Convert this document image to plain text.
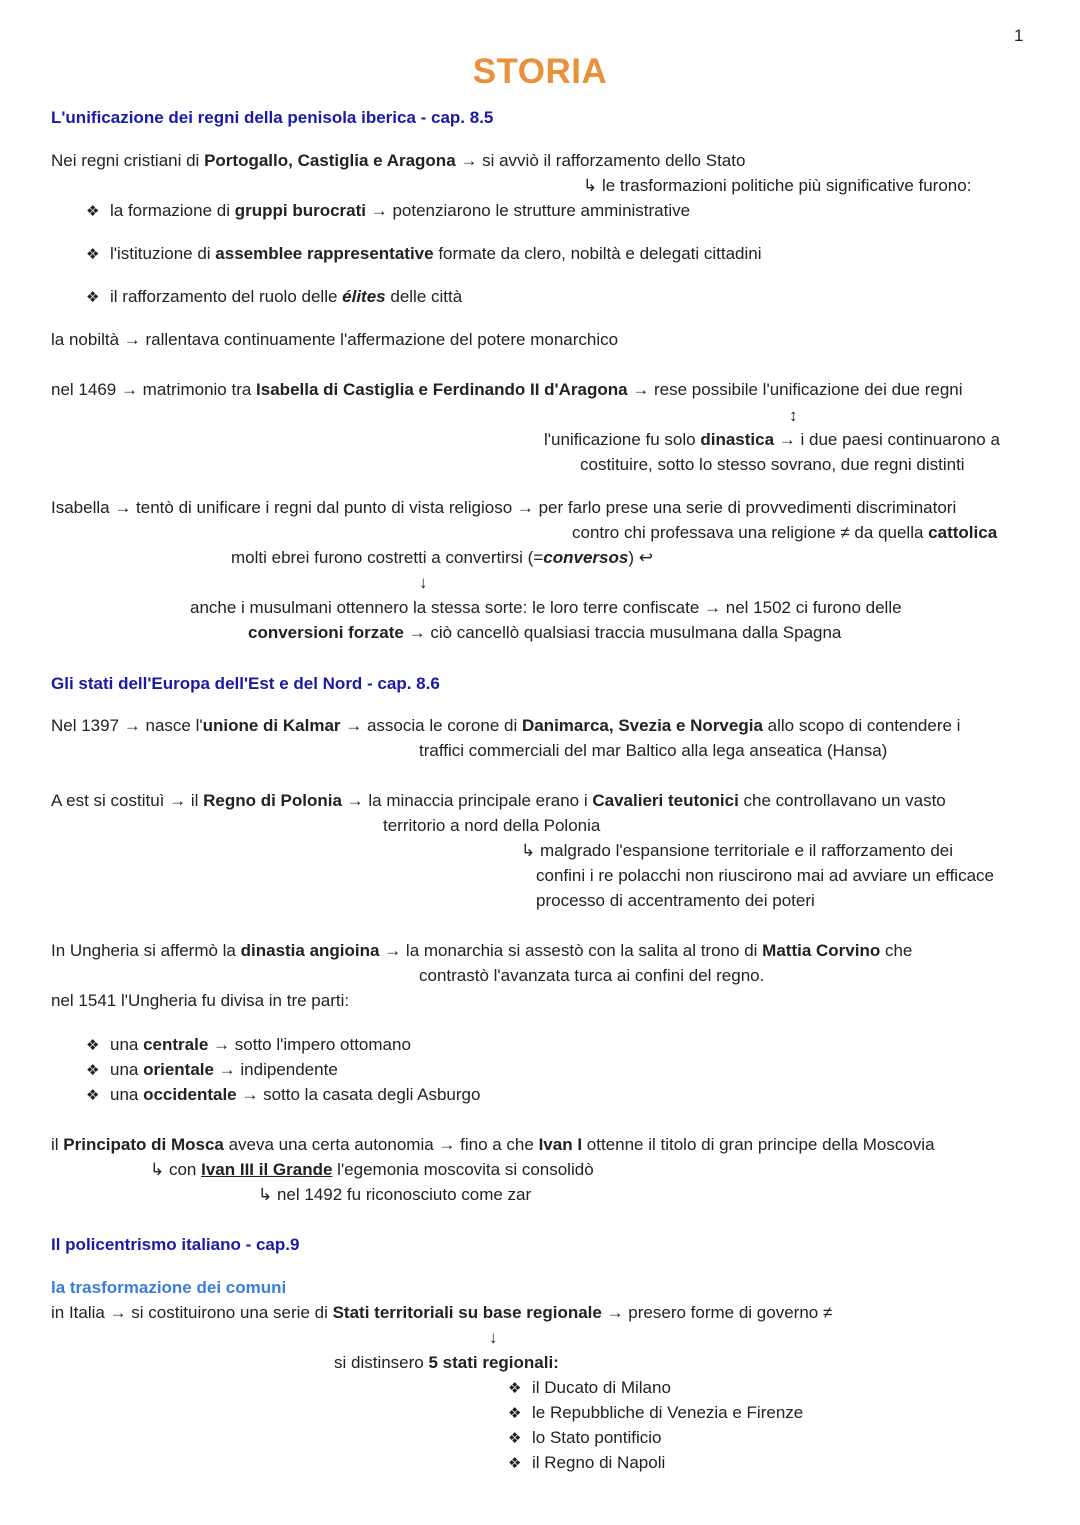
1
STORIA
L'unificazione dei regni della penisola iberica - cap. 8.5
Nei regni cristiani di Portogallo, Castiglia e Aragona → si avviò il rafforzamento dello Stato
↳ le trasformazioni politiche più significative furono:
❖ la formazione di gruppi burocrati → potenziarono le strutture amministrative
❖ l'istituzione di assemblee rappresentative formate da clero, nobiltà e delegati cittadini
❖ il rafforzamento del ruolo delle élites delle città
la nobiltà → rallentava continuamente l'affermazione del potere monarchico
nel 1469 → matrimonio tra Isabella di Castiglia e Ferdinando II d'Aragona → rese possibile l'unificazione dei due regni
↕
l'unificazione fu solo dinastica → i due paesi continuarono a
costituire, sotto lo stesso sovrano, due regni distinti
Isabella → tentò di unificare i regni dal punto di vista religioso → per farlo prese una serie di provvedimenti discriminatori
contro chi professava una religione ≠ da quella cattolica
molti ebrei furono costretti a convertirsi (=conversos) ↩
↓
anche i musulmani ottennero la stessa sorte: le loro terre confiscate → nel 1502 ci furono delle
conversioni forzate → ciò cancellò qualsiasi traccia musulmana dalla Spagna
Gli stati dell'Europa dell'Est e del Nord - cap. 8.6
Nel 1397 → nasce l'unione di Kalmar → associa le corone di Danimarca, Svezia e Norvegia allo scopo di contendere i
traffici commerciali del mar Baltico alla lega anseatica (Hansa)
A est si costituì → il Regno di Polonia → la minaccia principale erano i Cavalieri teutonici che controllavano un vasto
territorio a nord della Polonia
↳ malgrado l'espansione territoriale e il rafforzamento dei
confini i re polacchi non riuscirono mai ad avviare un efficace
processo di accentramento dei poteri
In Ungheria si affermò la dinastia angioina → la monarchia si assestò con la salita al trono di Mattia Corvino che
contrastò l'avanzata turca ai confini del regno.
nel 1541 l'Ungheria fu divisa in tre parti:
❖ una centrale → sotto l'impero ottomano
❖ una orientale → indipendente
❖ una occidentale → sotto la casata degli Asburgo
il Principato di Mosca aveva una certa autonomia → fino a che Ivan I ottenne il titolo di gran principe della Moscovia
↳ con Ivan III il Grande l'egemonia moscovita si consolidò
↳ nel 1492 fu riconosciuto come zar
Il policentrismo italiano - cap.9
la trasformazione dei comuni
in Italia → si costituirono una serie di Stati territoriali su base regionale → presero forme di governo ≠
↓
si distinsero 5 stati regionali:
❖ il Ducato di Milano
❖ le Repubbliche di Venezia e Firenze
❖ lo Stato pontificio
❖ il Regno di Napoli
